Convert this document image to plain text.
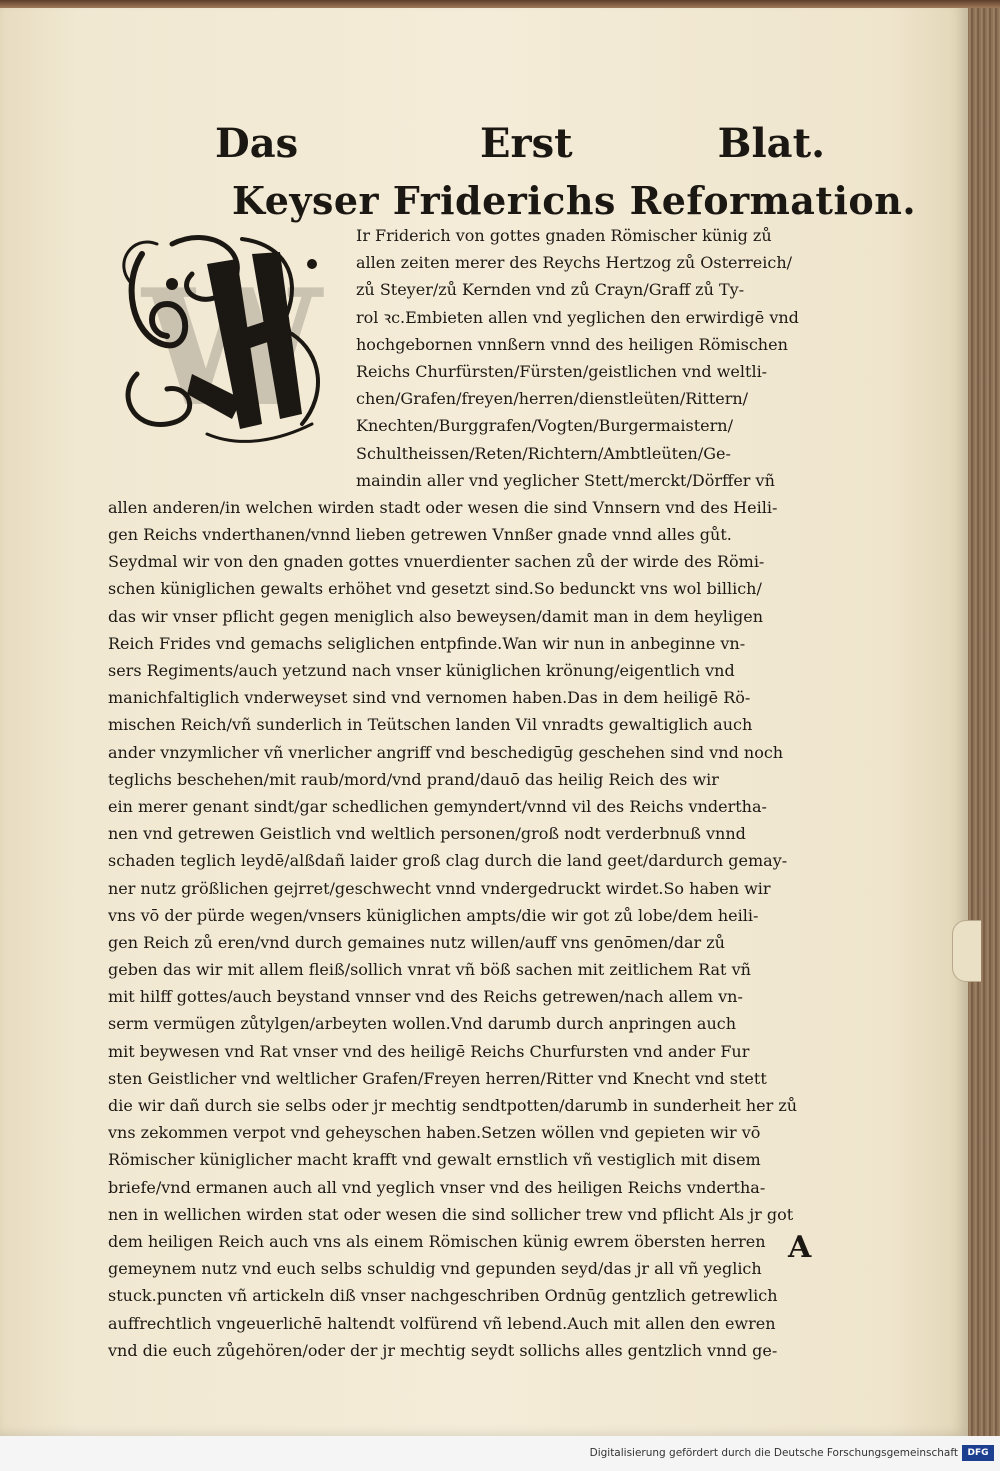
Das	Erst	Blat.
Keyser Friderichs Reformation.
W
Ir Friderich von gottes gnaden Römischer künig zů
allen zeiten merer des Reychs Hertzog zů Osterreich/
zů Steyer/zů Kernden vnd zů Crayn/Graff zů Ty-
rol ꝛc.Embieten allen vnd yeglichen den erwirdigē vnd
hochgebornen vnnßern vnnd des heiligen Römischen
Reichs Churfürsten/Fürsten/geistlichen vnd weltli-
chen/Grafen/freyen/herren/dienstleüten/Rittern/
Knechten/Burggrafen/Vogten/Burgermaistern/
Schultheissen/Reten/Richtern/Ambtleüten/Ge-
maindin aller vnd yeglicher Stett/merckt/Dörffer vñ
allen anderen/in welchen wirden stadt oder wesen die sind Vnnsern vnd des Heili-
gen Reichs vnderthanen/vnnd lieben getrewen Vnnßer gnade vnnd alles gůt.
Seydmal wir von den gnaden gottes vnuerdienter sachen zů der wirde des Römi-
schen küniglichen gewalts erhöhet vnd gesetzt sind.So bedunckt vns wol billich/
das wir vnser pflicht gegen meniglich also beweysen/damit man in dem heyligen
Reich Frides vnd gemachs seliglichen entpfinde.Wan wir nun in anbeginne vn-
sers Regiments/auch yetzund nach vnser küniglichen krönung/eigentlich vnd
manichfaltiglich vnderweyset sind vnd vernomen haben.Das in dem heiligē Rö-
mischen Reich/vñ sunderlich in Teütschen landen Vil vnradts gewaltiglich auch
ander vnzymlicher vñ vnerlicher angriff vnd beschedigūg geschehen sind vnd noch
teglichs beschehen/mit raub/mord/vnd prand/dauō das heilig Reich des wir
ein merer genant sindt/gar schedlichen gemyndert/vnnd vil des Reichs vndertha-
nen vnd getrewen Geistlich vnd weltlich personen/groß nodt verderbnuß vnnd
schaden teglich leydē/alßdañ laider groß clag durch die land geet/dardurch gemay-
ner nutz größlichen gejrret/geschwecht vnnd vndergedruckt wirdet.So haben wir
vns vō der pürde wegen/vnsers küniglichen ampts/die wir got zů lobe/dem heili-
gen Reich zů eren/vnd durch gemaines nutz willen/auff vns genōmen/dar zů
geben das wir mit allem fleiß/sollich vnrat vñ böß sachen mit zeitlichem Rat vñ
mit hilff gottes/auch beystand vnnser vnd des Reichs getrewen/nach allem vn-
serm vermügen zůtylgen/arbeyten wollen.Vnd darumb durch anpringen auch
mit beywesen vnd Rat vnser vnd des heiligē Reichs Churfursten vnd ander Fur
sten Geistlicher vnd weltlicher Grafen/Freyen herren/Ritter vnd Knecht vnd stett
die wir dañ durch sie selbs oder jr mechtig sendtpotten/darumb in sunderheit her zů
vns zekommen verpot vnd geheyschen haben.Setzen wöllen vnd gepieten wir vō
Römischer küniglicher macht krafft vnd gewalt ernstlich vñ vestiglich mit disem
briefe/vnd ermanen auch all vnd yeglich vnser vnd des heiligen Reichs vndertha-
nen in wellichen wirden stat oder wesen die sind sollicher trew vnd pflicht Als jr got
dem heiligen Reich auch vns als einem Römischen künig ewrem öbersten herren
gemeynem nutz vnd euch selbs schuldig vnd gepunden seyd/das jr all vñ yeglich
stuck.puncten vñ artickeln diß vnser nachgeschriben Ordnūg gentzlich getrewlich
auffrechtlich vngeuerlichē haltendt volfürend vñ lebend.Auch mit allen den ewren
vnd die euch zůgehören/oder der jr mechtig seydt sollichs alles gentzlich vnnd ge-
A
Digitalisierung gefördert durch die Deutsche Forschungsgemeinschaft	DFG
